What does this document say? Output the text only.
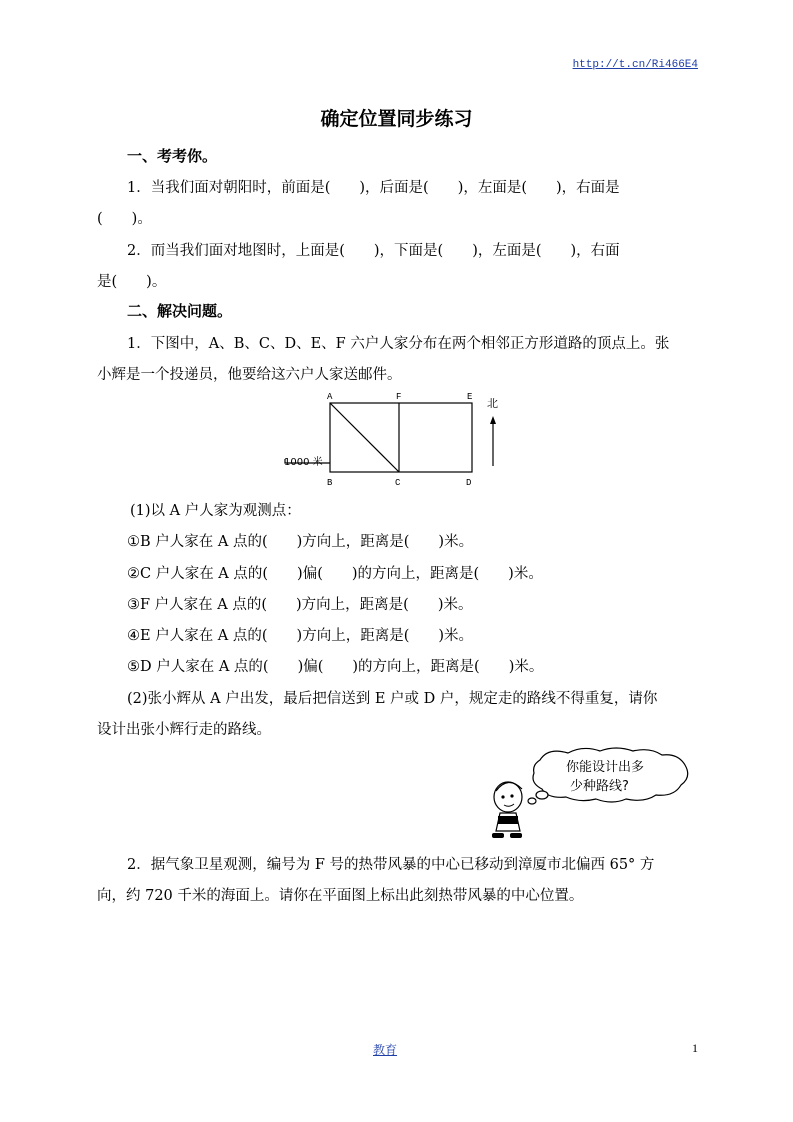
http://t.cn/Ri466E4
确定位置同步练习
一、考考你。
1．当我们面对朝阳时，前面是(　　)，后面是(　　)，左面是(　　)，右面是
(　　)。
2．而当我们面对地图时，上面是(　　)，下面是(　　)，左面是(　　)，右面
是(　　)。
二、解决问题。
1．下图中，A、B、C、D、E、F 六户人家分布在两个相邻正方形道路的顶点上。张
小辉是一个投递员，他要给这六户人家送邮件。
A	F	E
B	C	D
北
1000 米
(1)以 A 户人家为观测点：
①B 户人家在 A 点的(　　)方向上，距离是(　　)米。
②C 户人家在 A 点的(　　)偏(　　)的方向上，距离是(　　)米。
③F 户人家在 A 点的(　　)方向上，距离是(　　)米。
④E 户人家在 A 点的(　　)方向上，距离是(　　)米。
⑤D 户人家在 A 点的(　　)偏(　　)的方向上，距离是(　　)米。
(2)张小辉从 A 户出发，最后把信送到 E 户或 D 户，规定走的路线不得重复，请你
设计出张小辉行走的路线。
你能设计出多
少种路线?
2．据气象卫星观测，编号为 F 号的热带风暴的中心已移动到漳厦市北偏西 65° 方
向，约 720 千米的海面上。请你在平面图上标出此刻热带风暴的中心位置。
教育	1
